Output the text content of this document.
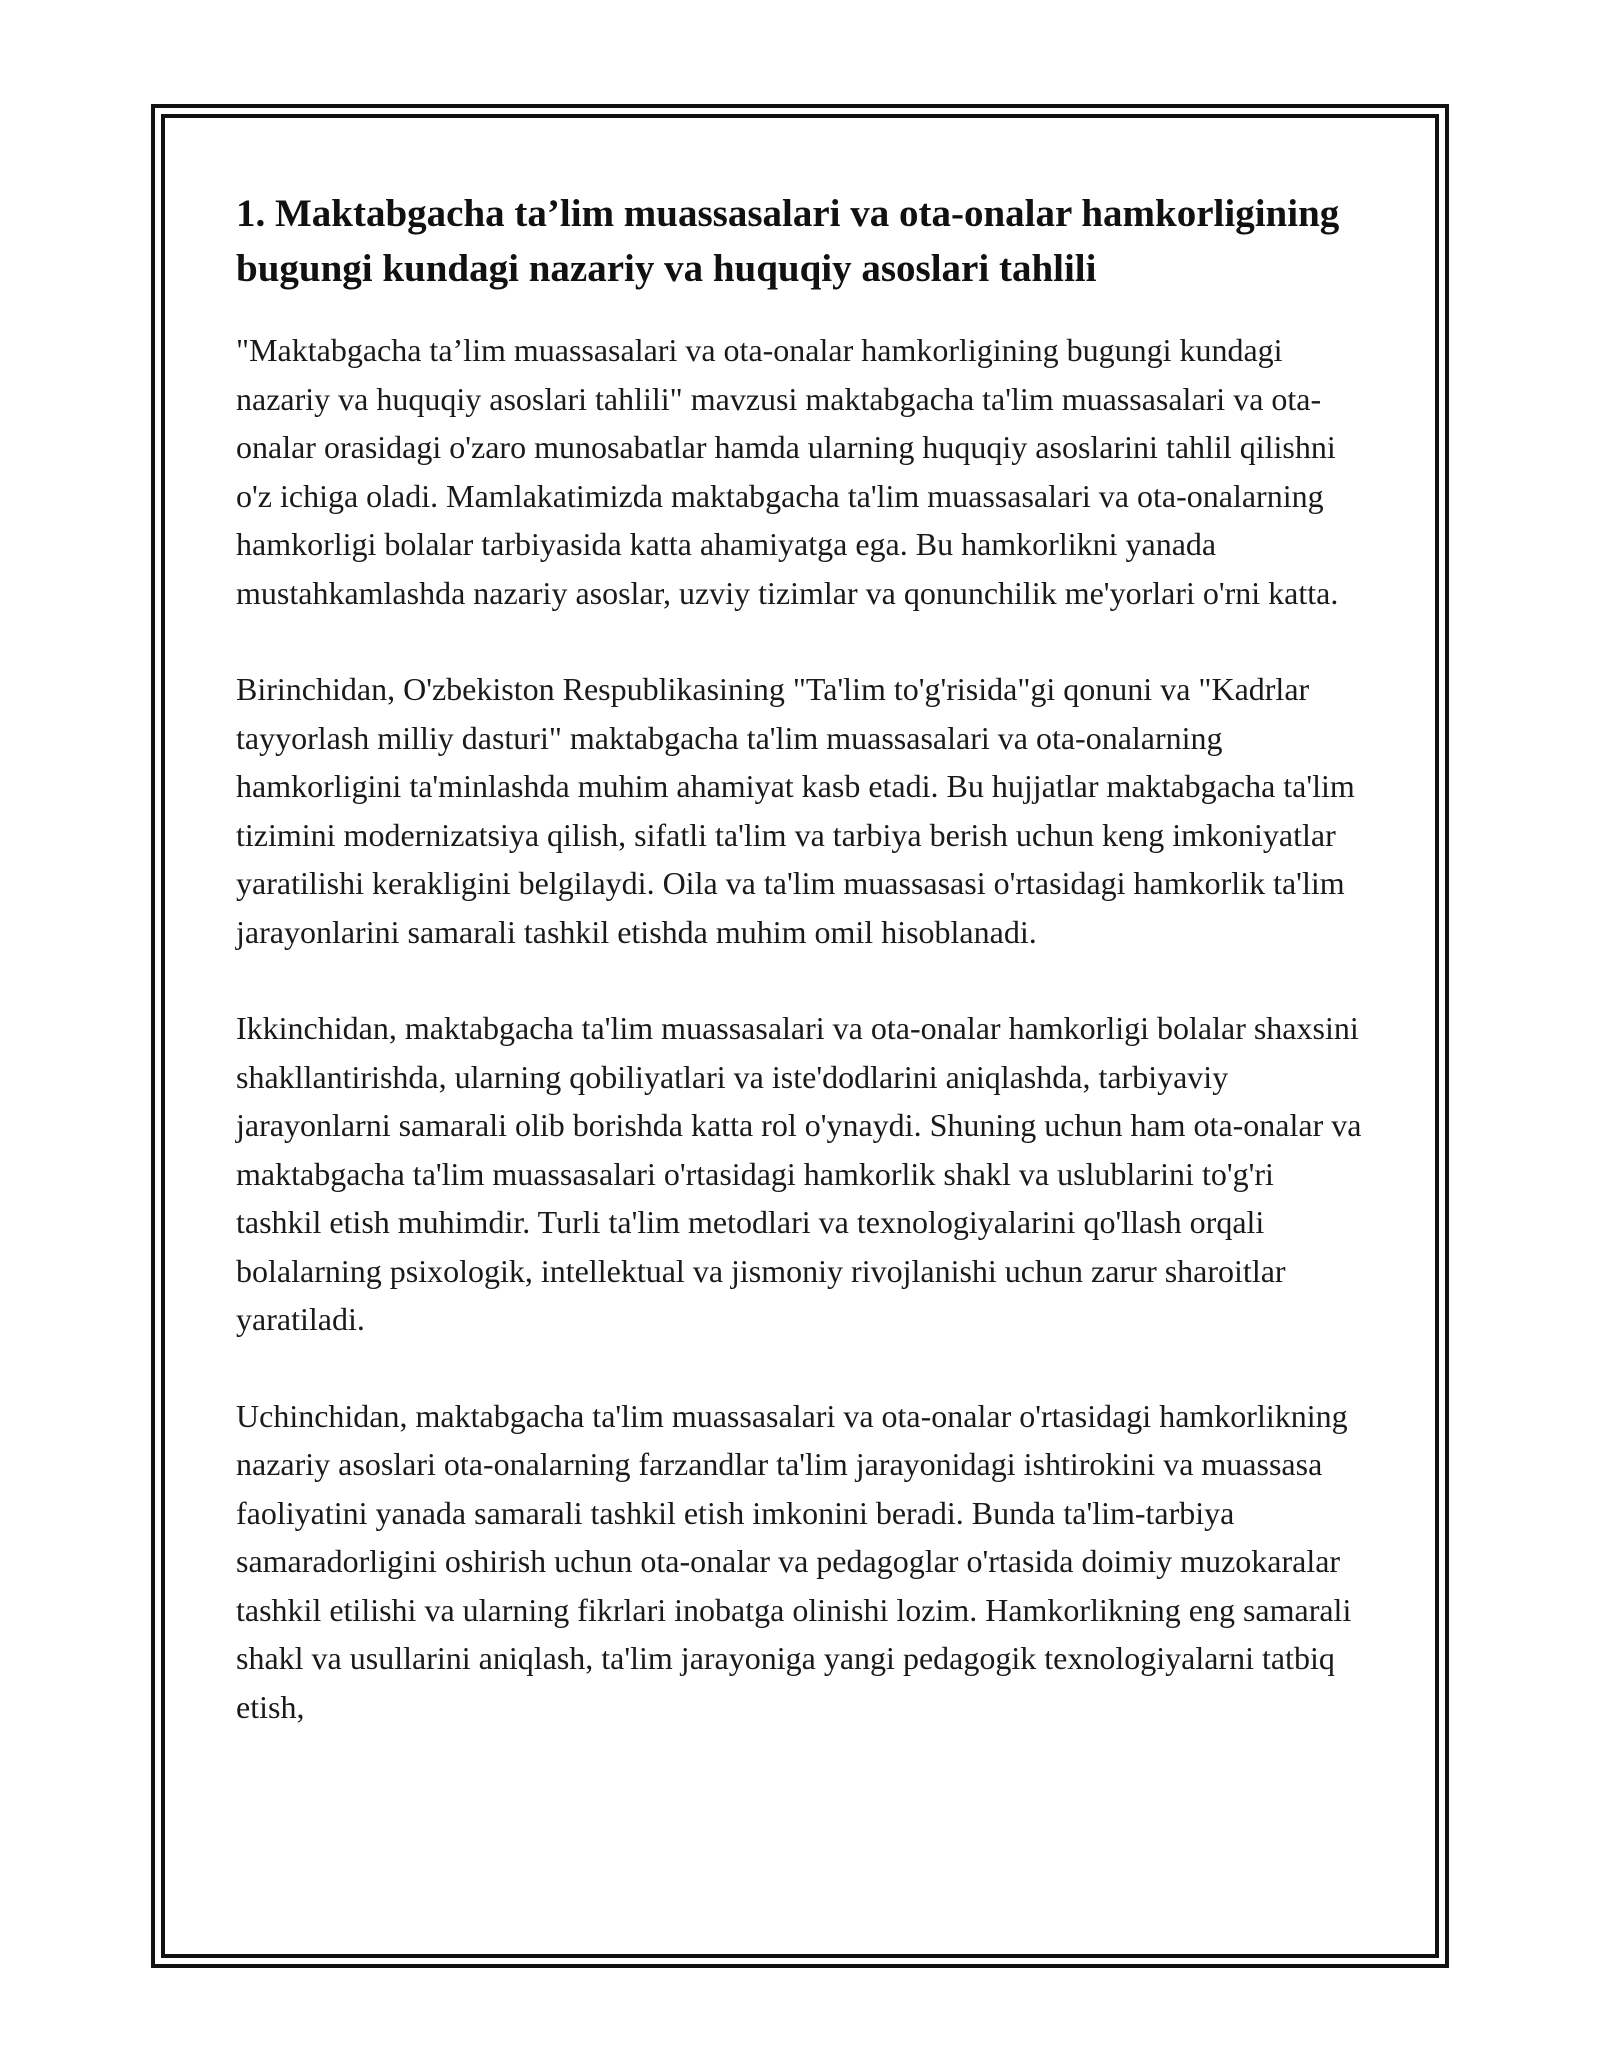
1. Maktabgacha ta’lim muassasalari va ota-onalar hamkorligining bugungi kundagi nazariy va huquqiy asoslari tahlili

"Maktabgacha ta’lim muassasalari va ota-onalar hamkorligining bugungi kundagi nazariy va huquqiy asoslari tahlili" mavzusi maktabgacha ta'lim muassasalari va ota-onalar orasidagi o'zaro munosabatlar hamda ularning huquqiy asoslarini tahlil qilishni o'z ichiga oladi. Mamlakatimizda maktabgacha ta'lim muassasalari va ota-onalarning hamkorligi bolalar tarbiyasida katta ahamiyatga ega. Bu hamkorlikni yanada mustahkamlashda nazariy asoslar, uzviy tizimlar va qonunchilik me'yorlari o'rni katta.

Birinchidan, O'zbekiston Respublikasining "Ta'lim to'g'risida"gi qonuni va "Kadrlar tayyorlash milliy dasturi" maktabgacha ta'lim muassasalari va ota-onalarning hamkorligini ta'minlashda muhim ahamiyat kasb etadi. Bu hujjatlar maktabgacha ta'lim tizimini modernizatsiya qilish, sifatli ta'lim va tarbiya berish uchun keng imkoniyatlar yaratilishi kerakligini belgilaydi. Oila va ta'lim muassasasi o'rtasidagi hamkorlik ta'lim jarayonlarini samarali tashkil etishda muhim omil hisoblanadi.

Ikkinchidan, maktabgacha ta'lim muassasalari va ota-onalar hamkorligi bolalar shaxsini shakllantirishda, ularning qobiliyatlari va iste'dodlarini aniqlashda, tarbiyaviy jarayonlarni samarali olib borishda katta rol o'ynaydi. Shuning uchun ham ota-onalar va maktabgacha ta'lim muassasalari o'rtasidagi hamkorlik shakl va uslublarini to'g'ri tashkil etish muhimdir. Turli ta'lim metodlari va texnologiyalarini qo'llash orqali bolalarning psixologik, intellektual va jismoniy rivojlanishi uchun zarur sharoitlar yaratiladi.

Uchinchidan, maktabgacha ta'lim muassasalari va ota-onalar o'rtasidagi hamkorlikning nazariy asoslari ota-onalarning farzandlar ta'lim jarayonidagi ishtirokini va muassasa faoliyatini yanada samarali tashkil etish imkonini beradi. Bunda ta'lim-tarbiya samaradorligini oshirish uchun ota-onalar va pedagoglar o'rtasida doimiy muzokaralar tashkil etilishi va ularning fikrlari inobatga olinishi lozim. Hamkorlikning eng samarali shakl va usullarini aniqlash, ta'lim jarayoniga yangi pedagogik texnologiyalarni tatbiq etish,
